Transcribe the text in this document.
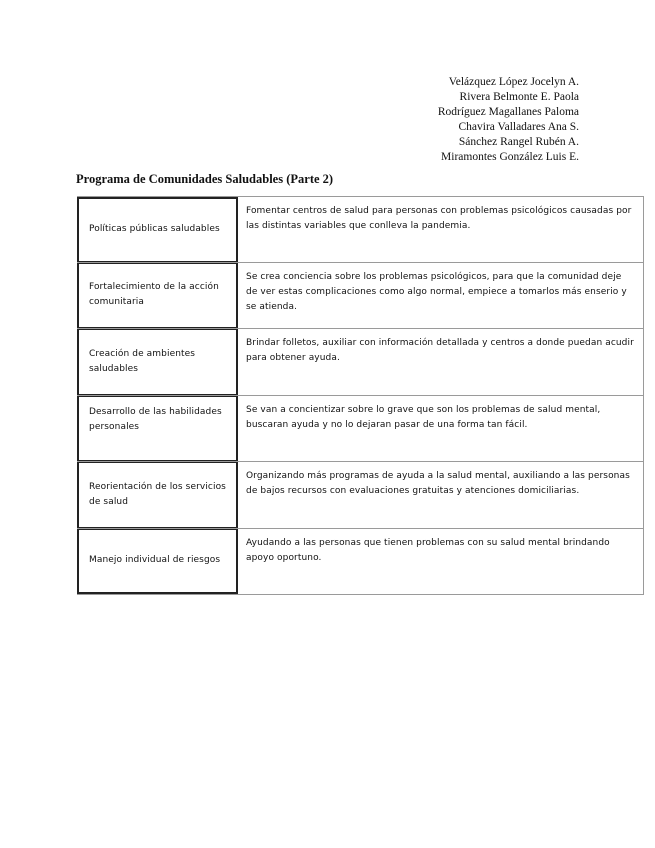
Velázquez López Jocelyn A.
Rivera Belmonte E. Paola
Rodríguez Magallanes Paloma
Chavira Valladares Ana S.
Sánchez Rangel Rubén A.
Miramontes González Luis E.
Programa de Comunidades Saludables (Parte 2)
Políticas públicas saludables
Fomentar centros de salud para personas con problemas psicológicos causadas por las distintas variables que conlleva la pandemia.
Fortalecimiento de la acción comunitaria
Se crea conciencia sobre los problemas psicológicos, para que la comunidad deje de ver estas complicaciones como algo normal, empiece a tomarlos más enserio y se atienda.
Creación de ambientes saludables
Brindar folletos, auxiliar con información detallada y centros a donde puedan acudir para obtener ayuda.
Desarrollo de las habilidades personales
Se van a concientizar sobre lo grave que son los problemas de salud mental, buscaran ayuda y no lo dejaran pasar de una forma tan fácil.
Reorientación de los servicios de salud
Organizando más programas de ayuda a la salud mental, auxiliando a las personas de bajos recursos con evaluaciones gratuitas y atenciones domiciliarias.
Manejo individual de riesgos
Ayudando a las personas que tienen problemas con su salud mental brindando apoyo oportuno.
